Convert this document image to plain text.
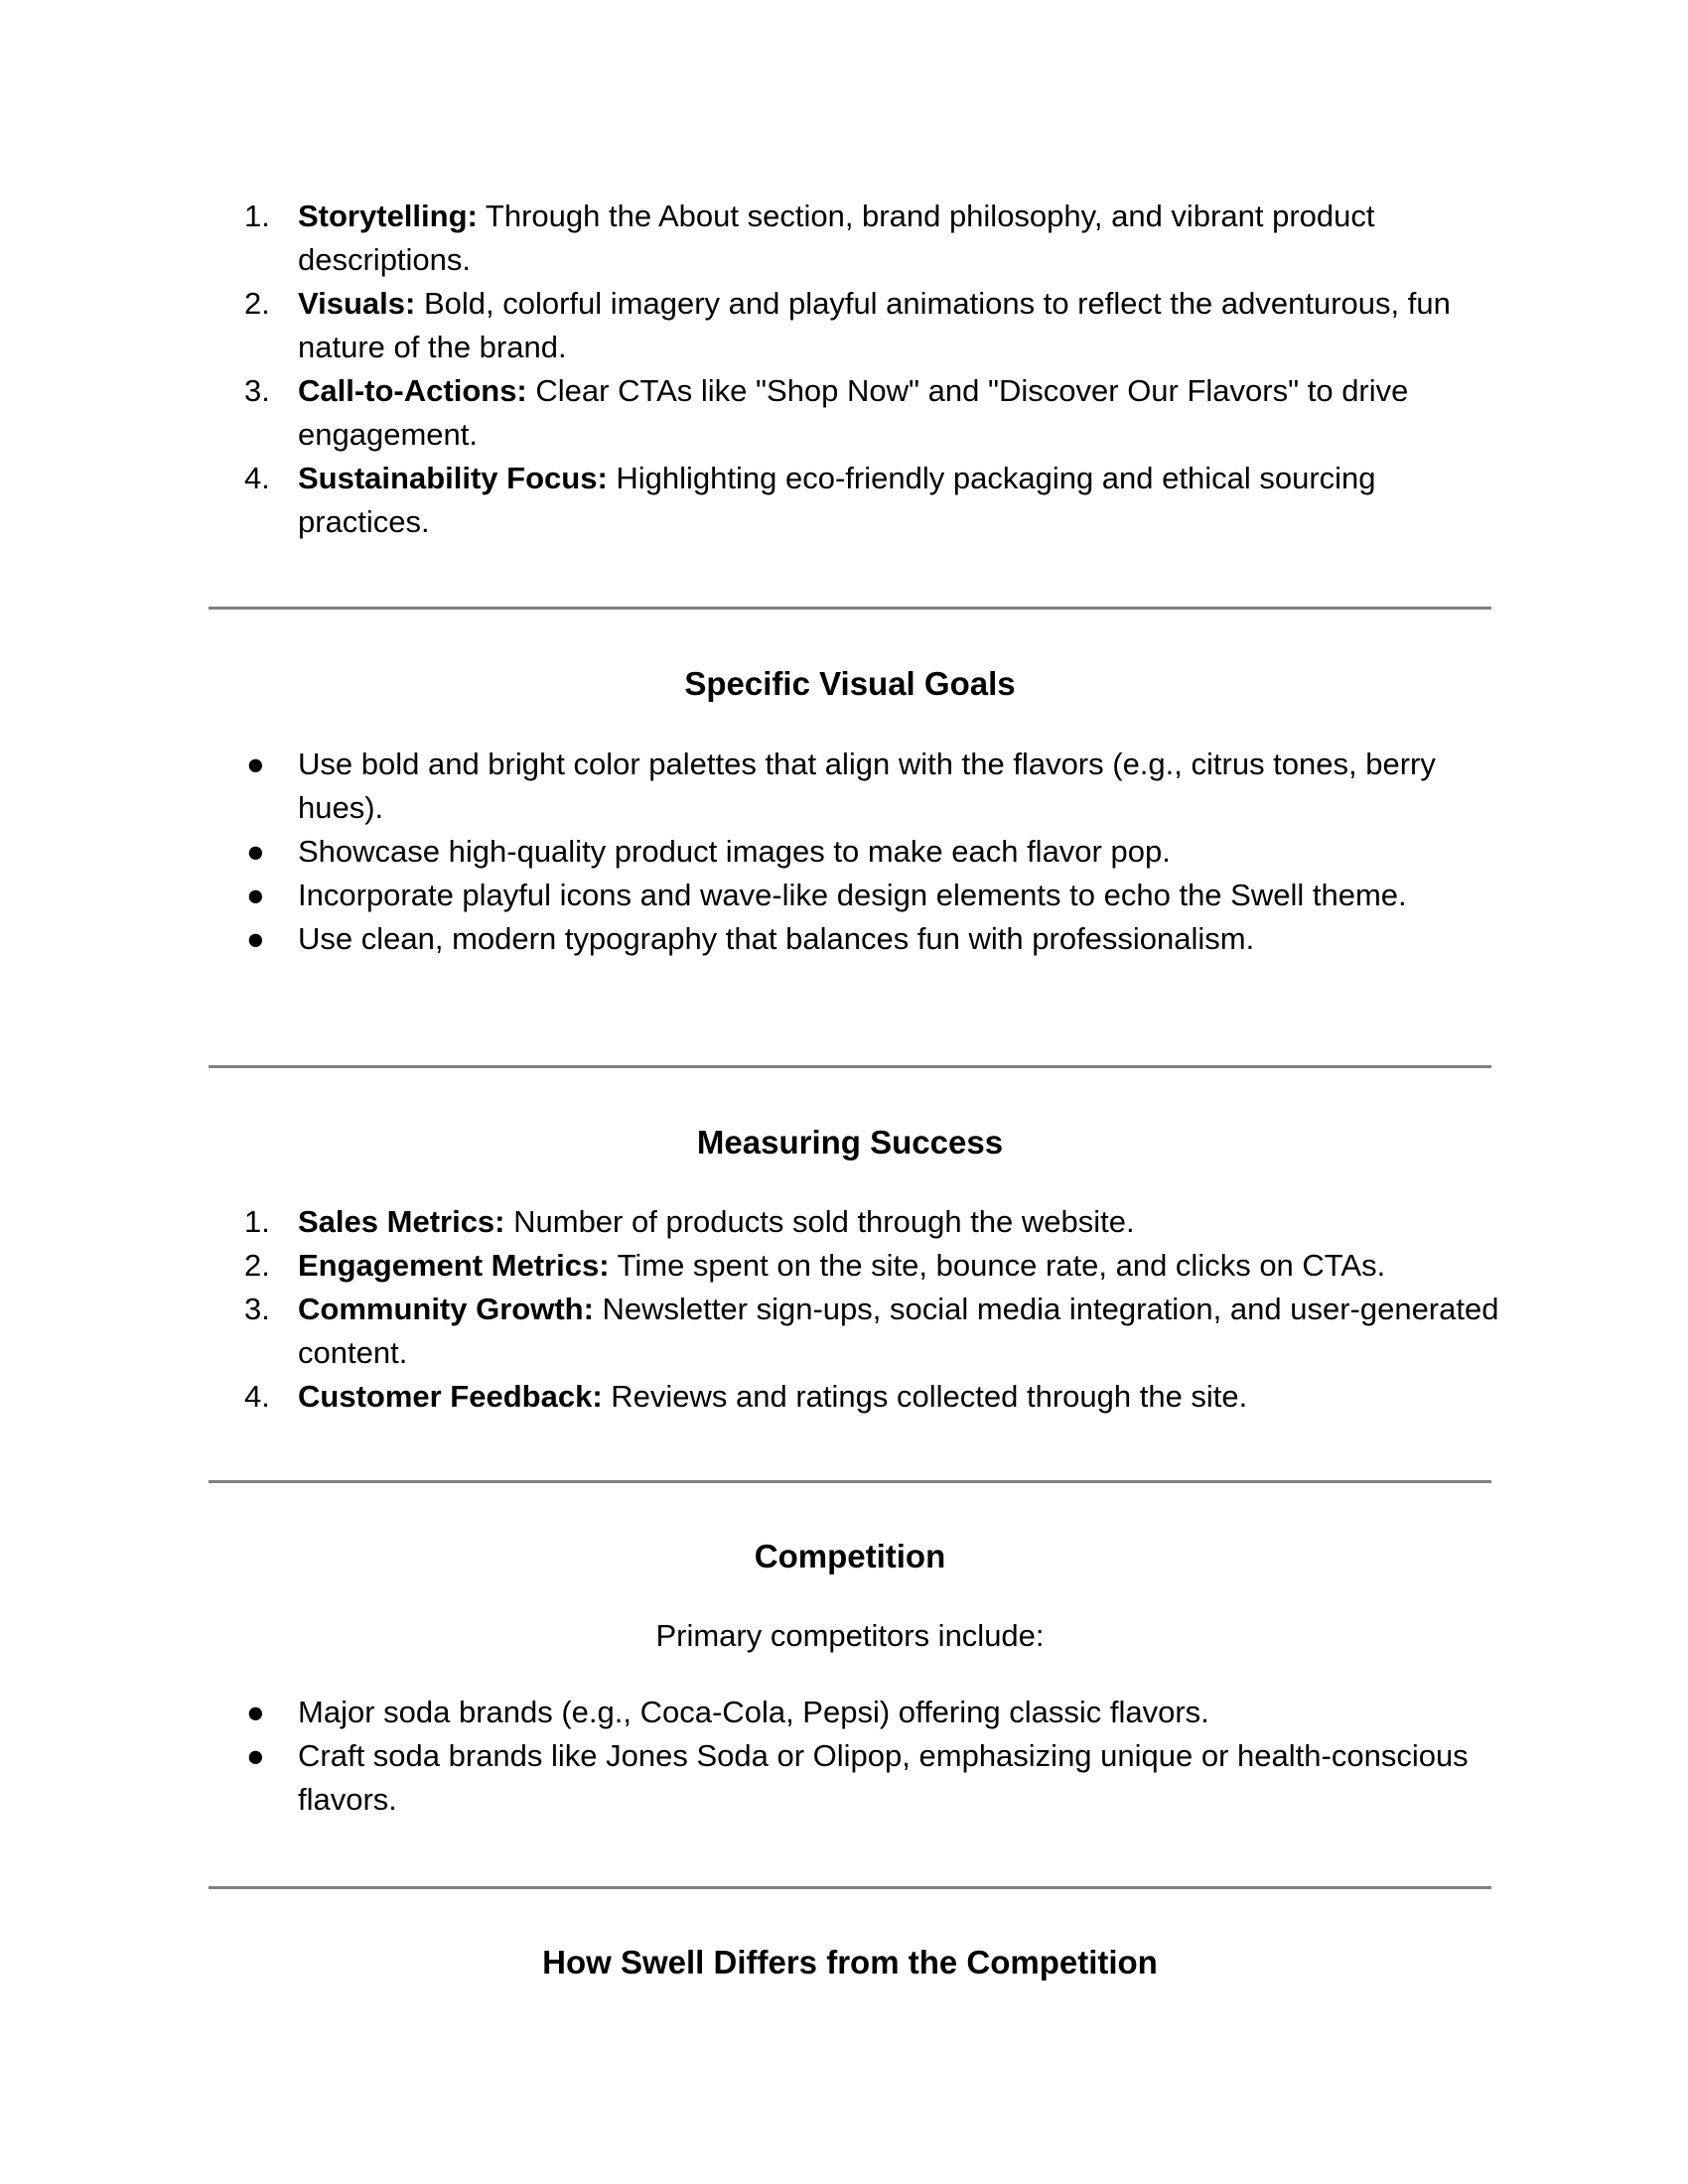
1. Storytelling: Through the About section, brand philosophy, and vibrant product descriptions.
2. Visuals: Bold, colorful imagery and playful animations to reflect the adventurous, fun nature of the brand.
3. Call-to-Actions: Clear CTAs like "Shop Now" and "Discover Our Flavors" to drive engagement.
4. Sustainability Focus: Highlighting eco-friendly packaging and ethical sourcing practices.
Specific Visual Goals
● Use bold and bright color palettes that align with the flavors (e.g., citrus tones, berry hues).
● Showcase high-quality product images to make each flavor pop.
● Incorporate playful icons and wave-like design elements to echo the Swell theme.
● Use clean, modern typography that balances fun with professionalism.
Measuring Success
1. Sales Metrics: Number of products sold through the website.
2. Engagement Metrics: Time spent on the site, bounce rate, and clicks on CTAs.
3. Community Growth: Newsletter sign-ups, social media integration, and user-generated content.
4. Customer Feedback: Reviews and ratings collected through the site.
Competition
Primary competitors include:
● Major soda brands (e.g., Coca-Cola, Pepsi) offering classic flavors.
● Craft soda brands like Jones Soda or Olipop, emphasizing unique or health-conscious flavors.
How Swell Differs from the Competition
